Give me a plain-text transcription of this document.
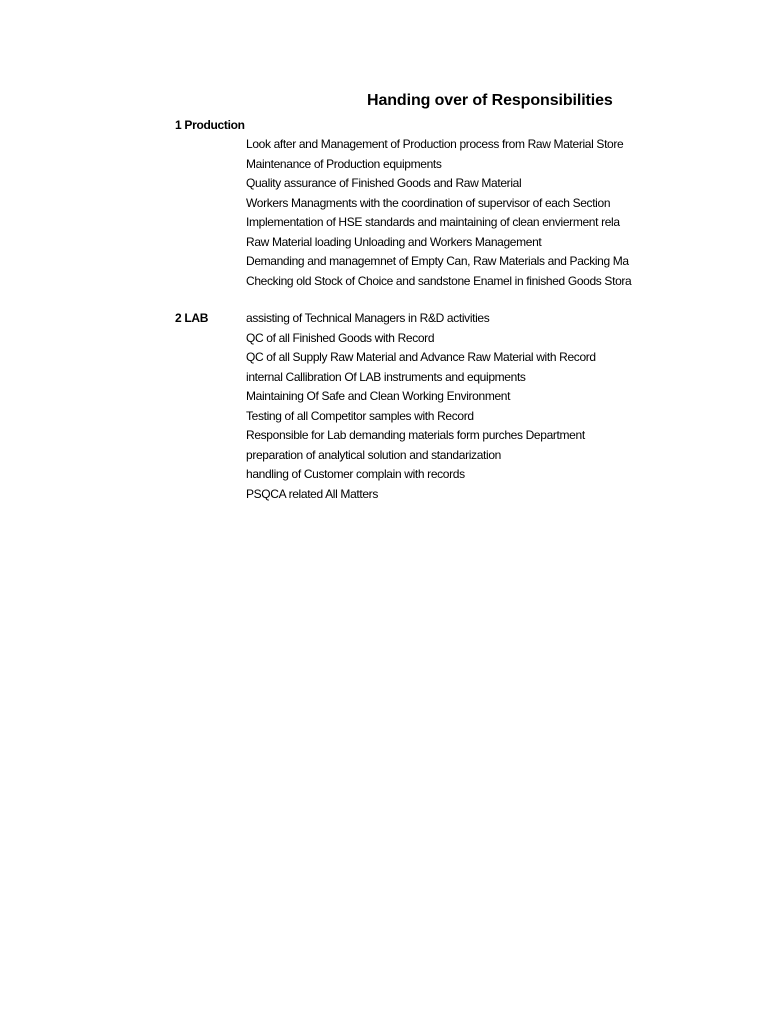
Handing over of Responsibilities
1 Production
Look after and Management of Production process from Raw Material Store
Maintenance of Production equipments
Quality assurance of Finished Goods and Raw Material
Workers Managments with the coordination of supervisor of each Section
Implementation of HSE standards and maintaining of clean envierment rela
Raw Material loading Unloading and Workers Management
Demanding and managemnet of Empty Can, Raw Materials and Packing Ma
Checking old Stock of Choice and sandstone Enamel in finished Goods Stora
2 LAB	assisting of Technical Managers in R&D activities
QC of all Finished Goods with Record
QC of all Supply Raw Material and Advance Raw Material with Record
internal Callibration Of LAB instruments and equipments
Maintaining Of Safe and Clean Working Environment
Testing of all Competitor samples with Record
Responsible for Lab demanding materials form purches Department
preparation of analytical solution and standarization
handling of Customer complain with records
PSQCA related All Matters
